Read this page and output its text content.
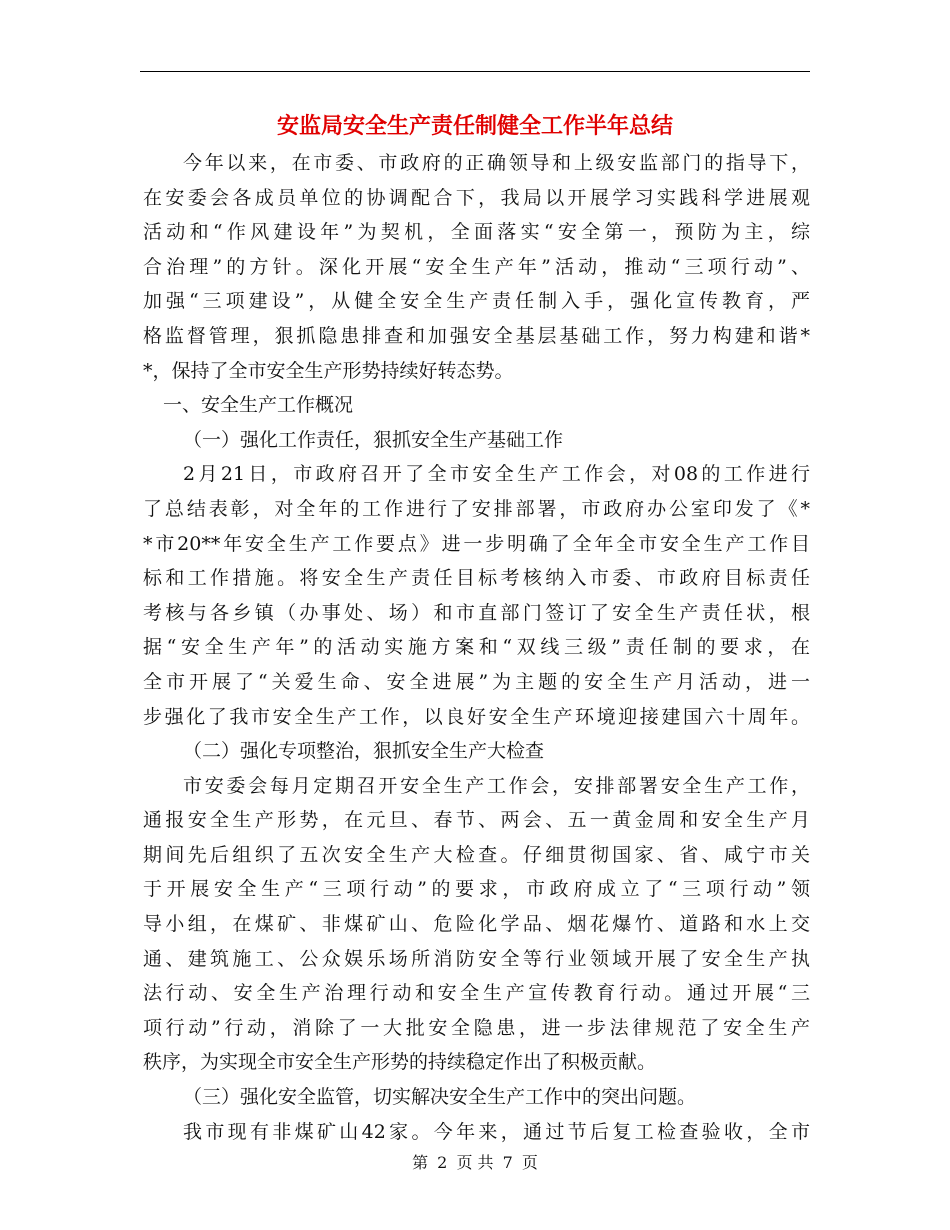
安监局安全生产责任制健全工作半年总结
今年以来，在市委、市政府的正确领导和上级安监部门的指导下，
在安委会各成员单位的协调配合下，我局以开展学习实践科学进展观
活动和“作风建设年”为契机，全面落实“安全第一，预防为主，综
合治理”的方针。深化开展“安全生产年”活动，推动“三项行动”、
加强“三项建设”，从健全安全生产责任制入手，强化宣传教育，严
格监督管理，狠抓隐患排查和加强安全基层基础工作，努力构建和谐*
*，保持了全市安全生产形势持续好转态势。
一、安全生产工作概况
（一）强化工作责任，狠抓安全生产基础工作
2月21日，市政府召开了全市安全生产工作会，对08的工作进行
了总结表彰，对全年的工作进行了安排部署，市政府办公室印发了《*
*市20**年安全生产工作要点》进一步明确了全年全市安全生产工作目
标和工作措施。将安全生产责任目标考核纳入市委、市政府目标责任
考核与各乡镇（办事处、场）和市直部门签订了安全生产责任状，根
据“安全生产年”的活动实施方案和“双线三级”责任制的要求，在
全市开展了“关爱生命、安全进展”为主题的安全生产月活动，进一
步强化了我市安全生产工作，以良好安全生产环境迎接建国六十周年。
（二）强化专项整治，狠抓安全生产大检查
市安委会每月定期召开安全生产工作会，安排部署安全生产工作，
通报安全生产形势，在元旦、春节、两会、五一黄金周和安全生产月
期间先后组织了五次安全生产大检查。仔细贯彻国家、省、咸宁市关
于开展安全生产“三项行动”的要求，市政府成立了“三项行动”领
导小组，在煤矿、非煤矿山、危险化学品、烟花爆竹、道路和水上交
通、建筑施工、公众娱乐场所消防安全等行业领域开展了安全生产执
法行动、安全生产治理行动和安全生产宣传教育行动。通过开展“三
项行动”行动，消除了一大批安全隐患，进一步法律规范了安全生产
秩序，为实现全市安全生产形势的持续稳定作出了积极贡献。
（三）强化安全监管，切实解决安全生产工作中的突出问题。
我市现有非煤矿山42家。今年来，通过节后复工检查验收，全市
第 2 页 共 7 页
